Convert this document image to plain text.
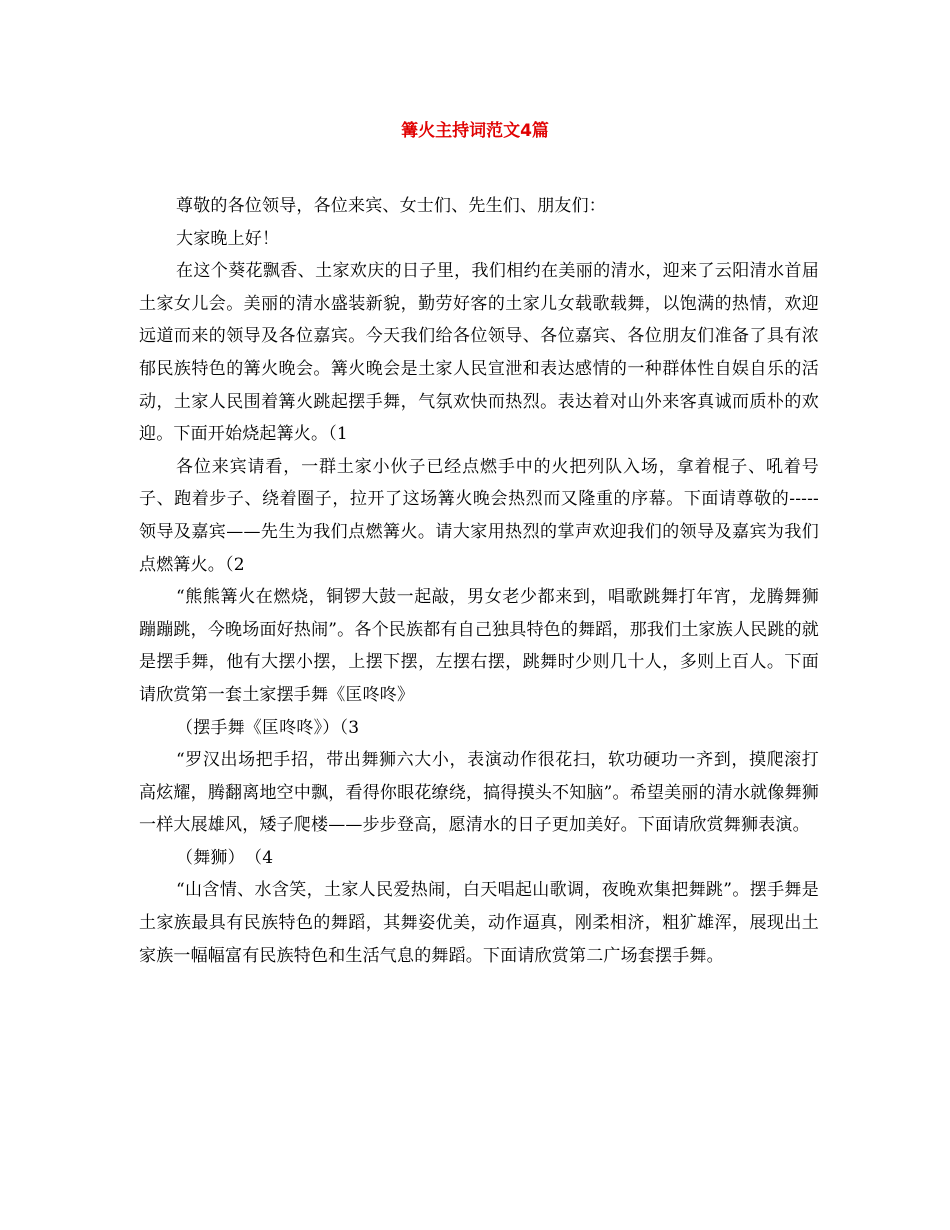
篝火主持词范文4篇

尊敬的各位领导，各位来宾、女士们、先生们、朋友们：

大家晚上好！

在这个葵花飘香、土家欢庆的日子里，我们相约在美丽的清水，迎来了云阳清水首届土家女儿会。美丽的清水盛装新貌，勤劳好客的土家儿女载歌载舞，以饱满的热情，欢迎远道而来的领导及各位嘉宾。今天我们给各位领导、各位嘉宾、各位朋友们准备了具有浓郁民族特色的篝火晚会。篝火晚会是土家人民宣泄和表达感情的一种群体性自娱自乐的活动，土家人民围着篝火跳起摆手舞，气氛欢快而热烈。表达着对山外来客真诚而质朴的欢迎。下面开始烧起篝火。（1

各位来宾请看，一群土家小伙子已经点燃手中的火把列队入场，拿着棍子、吼着号子、跑着步子、绕着圈子，拉开了这场篝火晚会热烈而又隆重的序幕。下面请尊敬的-----领导及嘉宾——先生为我们点燃篝火。请大家用热烈的掌声欢迎我们的领导及嘉宾为我们点燃篝火。（2

“熊熊篝火在燃烧，铜锣大鼓一起敲，男女老少都来到，唱歌跳舞打年宵，龙腾舞狮蹦蹦跳，今晚场面好热闹”。各个民族都有自己独具特色的舞蹈，那我们土家族人民跳的就是摆手舞，他有大摆小摆，上摆下摆，左摆右摆，跳舞时少则几十人，多则上百人。下面请欣赏第一套土家摆手舞《匡咚咚》

（摆手舞《匡咚咚》）（3

“罗汉出场把手招，带出舞狮六大小，表演动作很花扫，软功硬功一齐到，摸爬滚打高炫耀，腾翻离地空中飘，看得你眼花缭绕，搞得摸头不知脑”。希望美丽的清水就像舞狮一样大展雄风，矮子爬楼——步步登高，愿清水的日子更加美好。下面请欣赏舞狮表演。

（舞狮）　（4

“山含情、水含笑，土家人民爱热闹，白天唱起山歌调，夜晚欢集把舞跳”。摆手舞是土家族最具有民族特色的舞蹈，其舞姿优美，动作逼真，刚柔相济，粗犷雄浑，展现出土家族一幅幅富有民族特色和生活气息的舞蹈。下面请欣赏第二广场套摆手舞。
